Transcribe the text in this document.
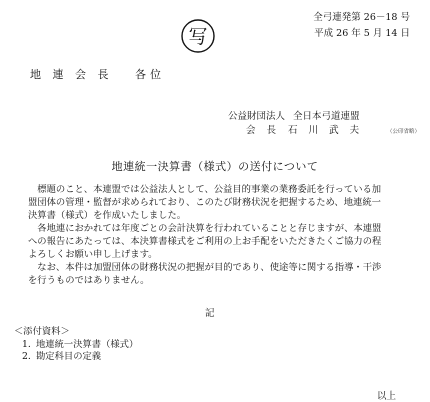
写
全弓連発第 26－18 号
平成 26 年 5 月 14 日
地 連 会 長　 各位
公益財団法人 全日本弓道連盟
会 長 石 川 武 夫	（公印省略）
地連統一決算書（様式）の送付について

　標題のこと、本連盟では公益法人として、公益目的事業の業務委託を行っている加

盟団体の管理・監督が求められており、このたび財務状況を把握するため、地連統一

決算書（様式）を作成いたしました。

　各地連におかれては年度ごとの会計決算を行われていることと存じますが、本連盟

への報告にあたっては、本決算書様式をご利用の上お手配をいただきたくご協力の程

よろしくお願い申し上げます。

　なお、本件は加盟団体の財務状況の把握が目的であり、使途等に関する指導・干渉

を行うものではありません。

記
＜添付資料＞
1. 地連統一決算書（様式）
2. 勘定科目の定義
以上
